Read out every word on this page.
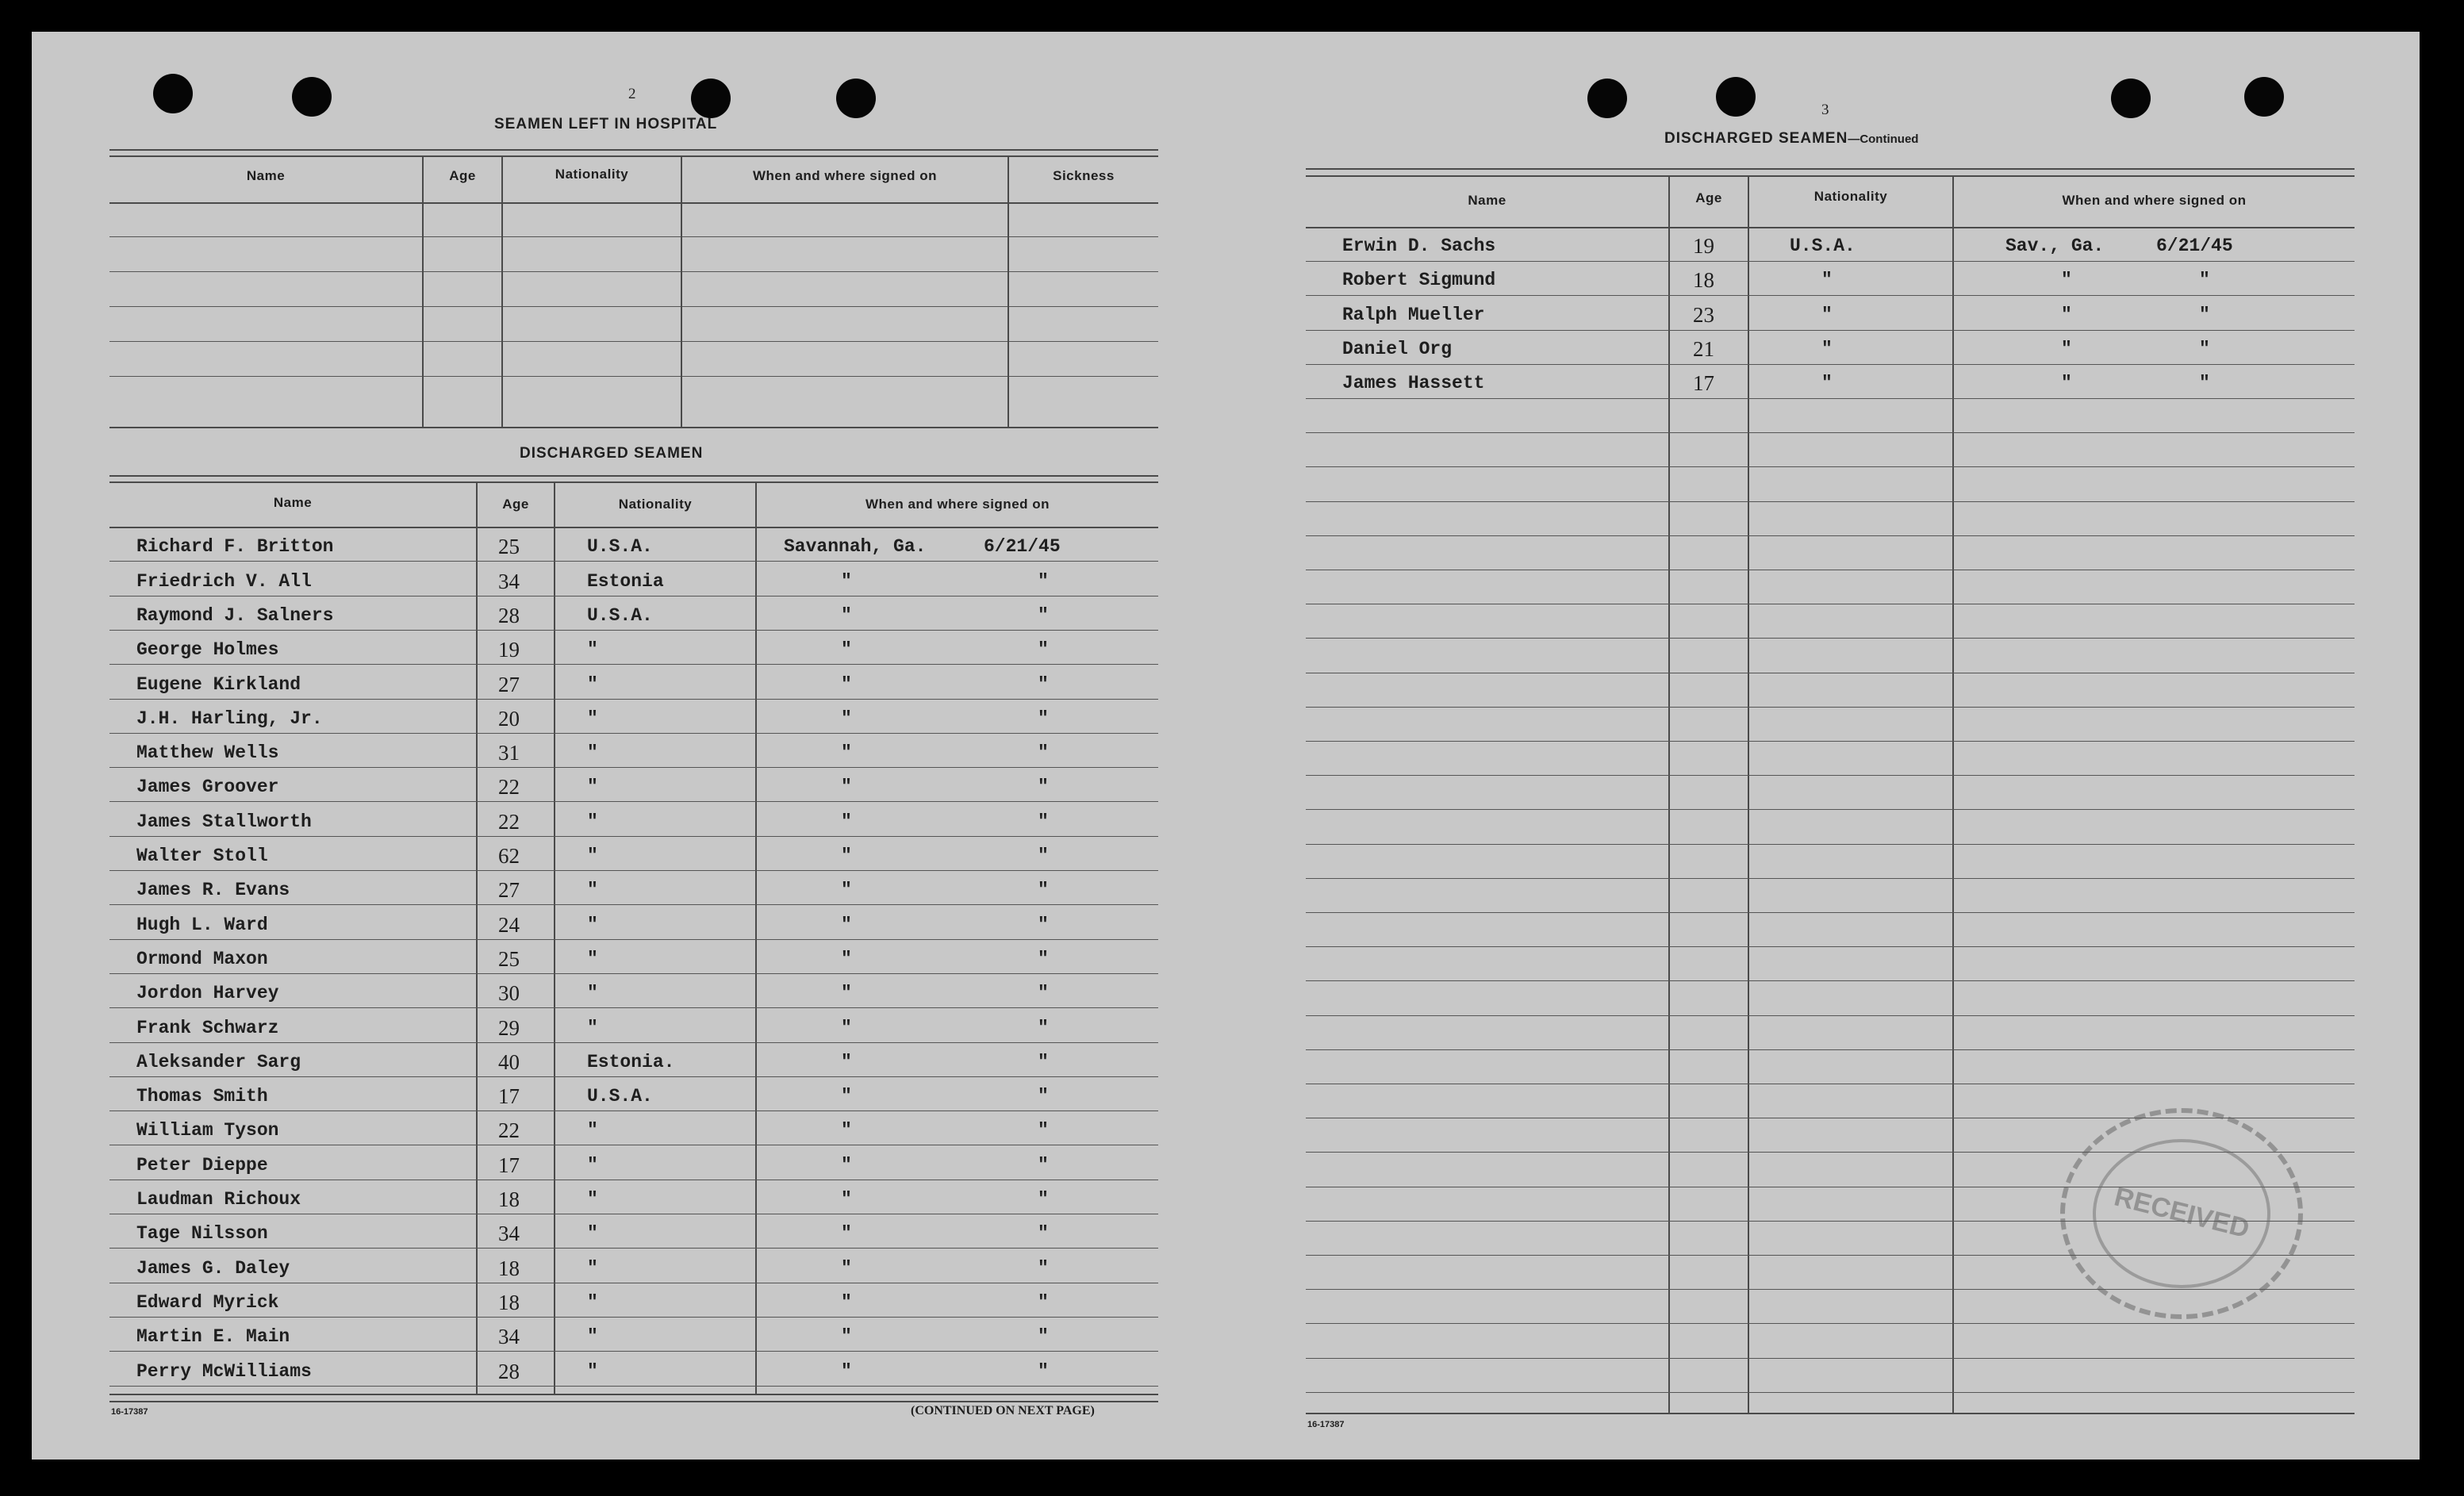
2
SEAMEN LEFT IN HOSPITAL
Name	Age	Nationality	When and where signed on	Sickness
DISCHARGED SEAMEN
Name	Age	Nationality	When and where signed on
Richard F. Britton	25	U.S.A.	Savannah, Ga.	6/21/45
Friedrich V. All	34	Estonia	"	"
Raymond J. Salners	28	U.S.A.	"	"
George Holmes	19	"	"	"
Eugene Kirkland	27	"	"	"
J.H. Harling, Jr.	20	"	"	"
Matthew Wells	31	"	"	"
James Groover	22	"	"	"
James Stallworth	22	"	"	"
Walter Stoll	62	"	"	"
James R. Evans	27	"	"	"
Hugh L. Ward	24	"	"	"
Ormond Maxon	25	"	"	"
Jordon Harvey	30	"	"	"
Frank Schwarz	29	"	"	"
Aleksander Sarg	40	Estonia.	"	"
Thomas Smith	17	U.S.A.	"	"
William Tyson	22	"	"	"
Peter Dieppe	17	"	"	"
Laudman Richoux	18	"	"	"
Tage Nilsson	34	"	"	"
James G. Daley	18	"	"	"
Edward Myrick	18	"	"	"
Martin E. Main	34	"	"	"
Perry McWilliams	28	"	"	"
16-17387	(CONTINUED ON NEXT PAGE)
3
DISCHARGED SEAMEN—Continued
Name	Age	Nationality	When and where signed on
Erwin D. Sachs	19	U.S.A.	Sav., Ga.	6/21/45
Robert Sigmund	18	"	"	"
Ralph Mueller	23	"	"	"
Daniel Org	21	"	"	"
James Hassett	17	"	"	"
RECEIVED
16-17387
